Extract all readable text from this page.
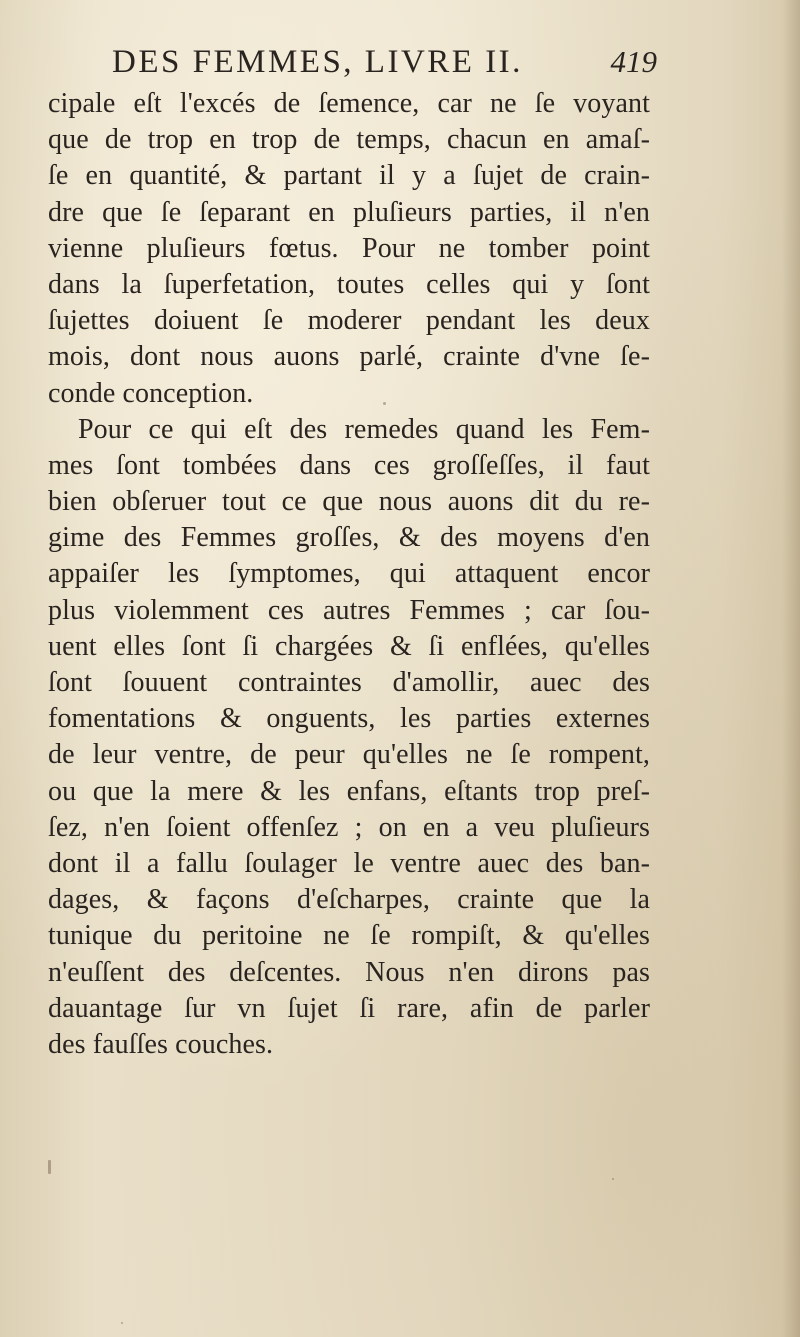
DES FEMMES, LIVRE II.	419
cipale eſt l'excés de ſemence, car ne ſe voyant
que de trop en trop de temps, chacun en amaſ-
ſe en quantité, & partant il y a ſujet de crain-
dre que ſe ſeparant en pluſieurs parties, il n'en
vienne pluſieurs fœtus. Pour ne tomber point
dans la ſuperfetation, toutes celles qui y ſont
ſujettes doiuent ſe moderer pendant les deux
mois, dont nous auons parlé, crainte d'vne ſe-
conde conception.
Pour ce qui eſt des remedes quand les Fem-
mes ſont tombées dans ces groſſeſſes, il faut
bien obſeruer tout ce que nous auons dit du re-
gime des Femmes groſſes, & des moyens d'en
appaiſer les ſymptomes, qui attaquent encor
plus violemment ces autres Femmes ; car ſou-
uent elles ſont ſi chargées & ſi enflées, qu'elles
ſont ſouuent contraintes d'amollir, auec des
fomentations & onguents, les parties externes
de leur ventre, de peur qu'elles ne ſe rompent,
ou que la mere & les enfans, eſtants trop preſ-
ſez, n'en ſoient offenſez ; on en a veu pluſieurs
dont il a fallu ſoulager le ventre auec des ban-
dages, & façons d'eſcharpes, crainte que la
tunique du peritoine ne ſe rompiſt, & qu'elles
n'euſſent des deſcentes. Nous n'en dirons pas
dauantage ſur vn ſujet ſi rare, afin de parler
des fauſſes couches.
